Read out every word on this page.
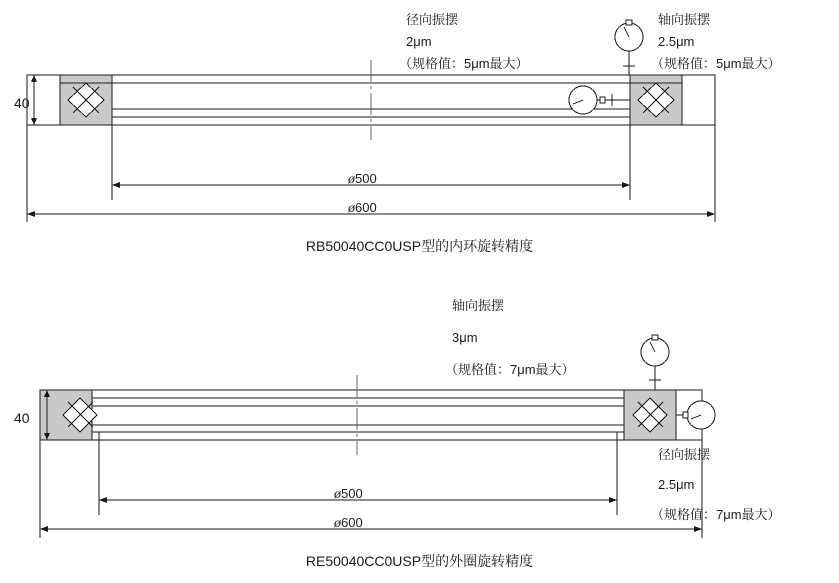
径向振摆
2μm
（规格值：5μm最大）
轴向振摆
2.5μm
（规格值：5μm最大）
40
ø500
ø600
RB50040CC0USP型的内环旋转精度
轴向振摆
3μm
（规格值：7μm最大）
径向振摆
2.5μm
（规格值：7μm最大）
40
ø500
ø600
RE50040CC0USP型的外圈旋转精度
